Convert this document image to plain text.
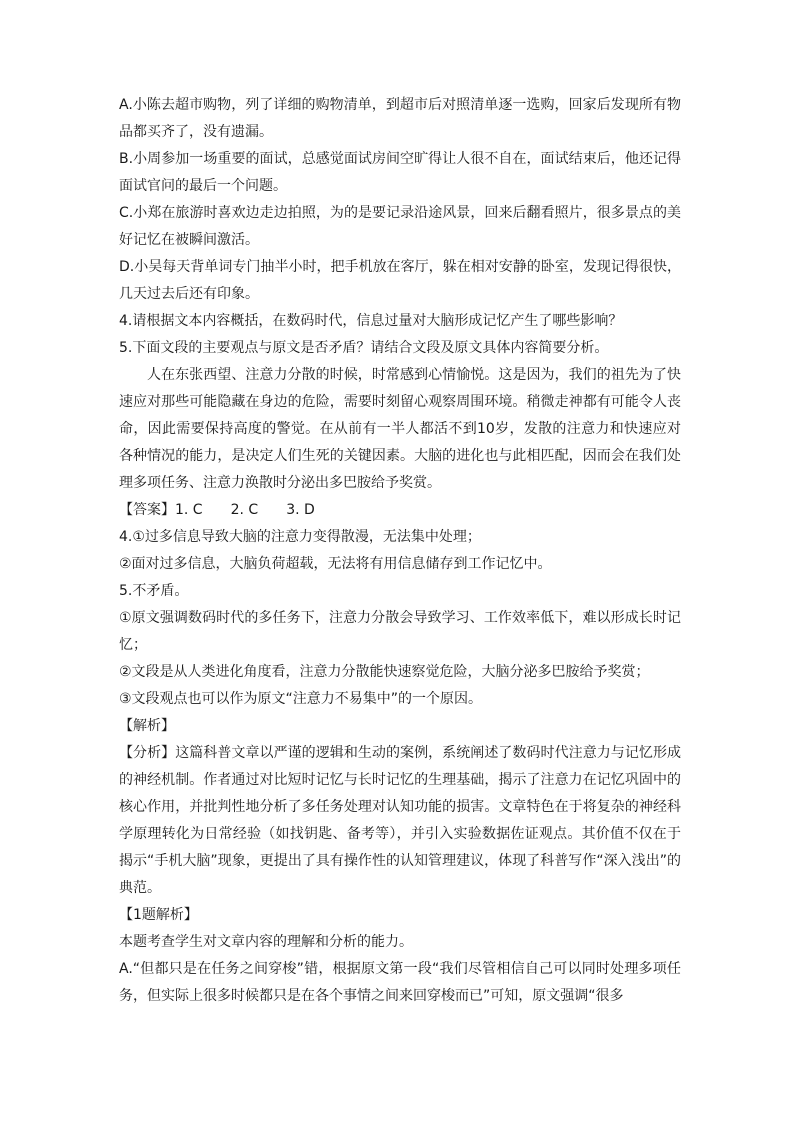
A.小陈去超市购物，列了详细的购物清单，到超市后对照清单逐一选购，回家后发现所有物品都买齐了，没有遗漏。

B.小周参加一场重要的面试，总感觉面试房间空旷得让人很不自在，面试结束后，他还记得面试官问的最后一个问题。

C.小郑在旅游时喜欢边走边拍照，为的是要记录沿途风景，回来后翻看照片，很多景点的美好记忆在被瞬间激活。

D.小吴每天背单词专门抽半小时，把手机放在客厅，躲在相对安静的卧室，发现记得很快，几天过去后还有印象。

4.请根据文本内容概括，在数码时代，信息过量对大脑形成记忆产生了哪些影响？

5.下面文段的主要观点与原文是否矛盾？请结合文段及原文具体内容简要分析。

人在东张西望、注意力分散的时候，时常感到心情愉悦。这是因为，我们的祖先为了快速应对那些可能隐藏在身边的危险，需要时刻留心观察周围环境。稍微走神都有可能令人丧命，因此需要保持高度的警觉。在从前有一半人都活不到10岁，发散的注意力和快速应对各种情况的能力，是决定人们生死的关键因素。大脑的进化也与此相匹配，因而会在我们处理多项任务、注意力涣散时分泌出多巴胺给予奖赏。

【答案】1. C 2. C 3. D

4.①过多信息导致大脑的注意力变得散漫，无法集中处理；

②面对过多信息，大脑负荷超载，无法将有用信息储存到工作记忆中。

5.不矛盾。

①原文强调数码时代的多任务下，注意力分散会导致学习、工作效率低下，难以形成长时记忆；

②文段是从人类进化角度看，注意力分散能快速察觉危险，大脑分泌多巴胺给予奖赏；

③文段观点也可以作为原文“注意力不易集中”的一个原因。

【解析】

【分析】这篇科普文章以严谨的逻辑和生动的案例，系统阐述了数码时代注意力与记忆形成的神经机制。作者通过对比短时记忆与长时记忆的生理基础，揭示了注意力在记忆巩固中的核心作用，并批判性地分析了多任务处理对认知功能的损害。文章特色在于将复杂的神经科学原理转化为日常经验（如找钥匙、备考等），并引入实验数据佐证观点。其价值不仅在于揭示“手机大脑”现象，更提出了具有操作性的认知管理建议，体现了科普写作“深入浅出”的典范。

【1题解析】

本题考查学生对文章内容的理解和分析的能力。

A.“但都只是在任务之间穿梭”错，根据原文第一段“我们尽管相信自己可以同时处理多项任务，但实际上很多时候都只是在各个事情之间来回穿梭而已”可知，原文强调“很多
